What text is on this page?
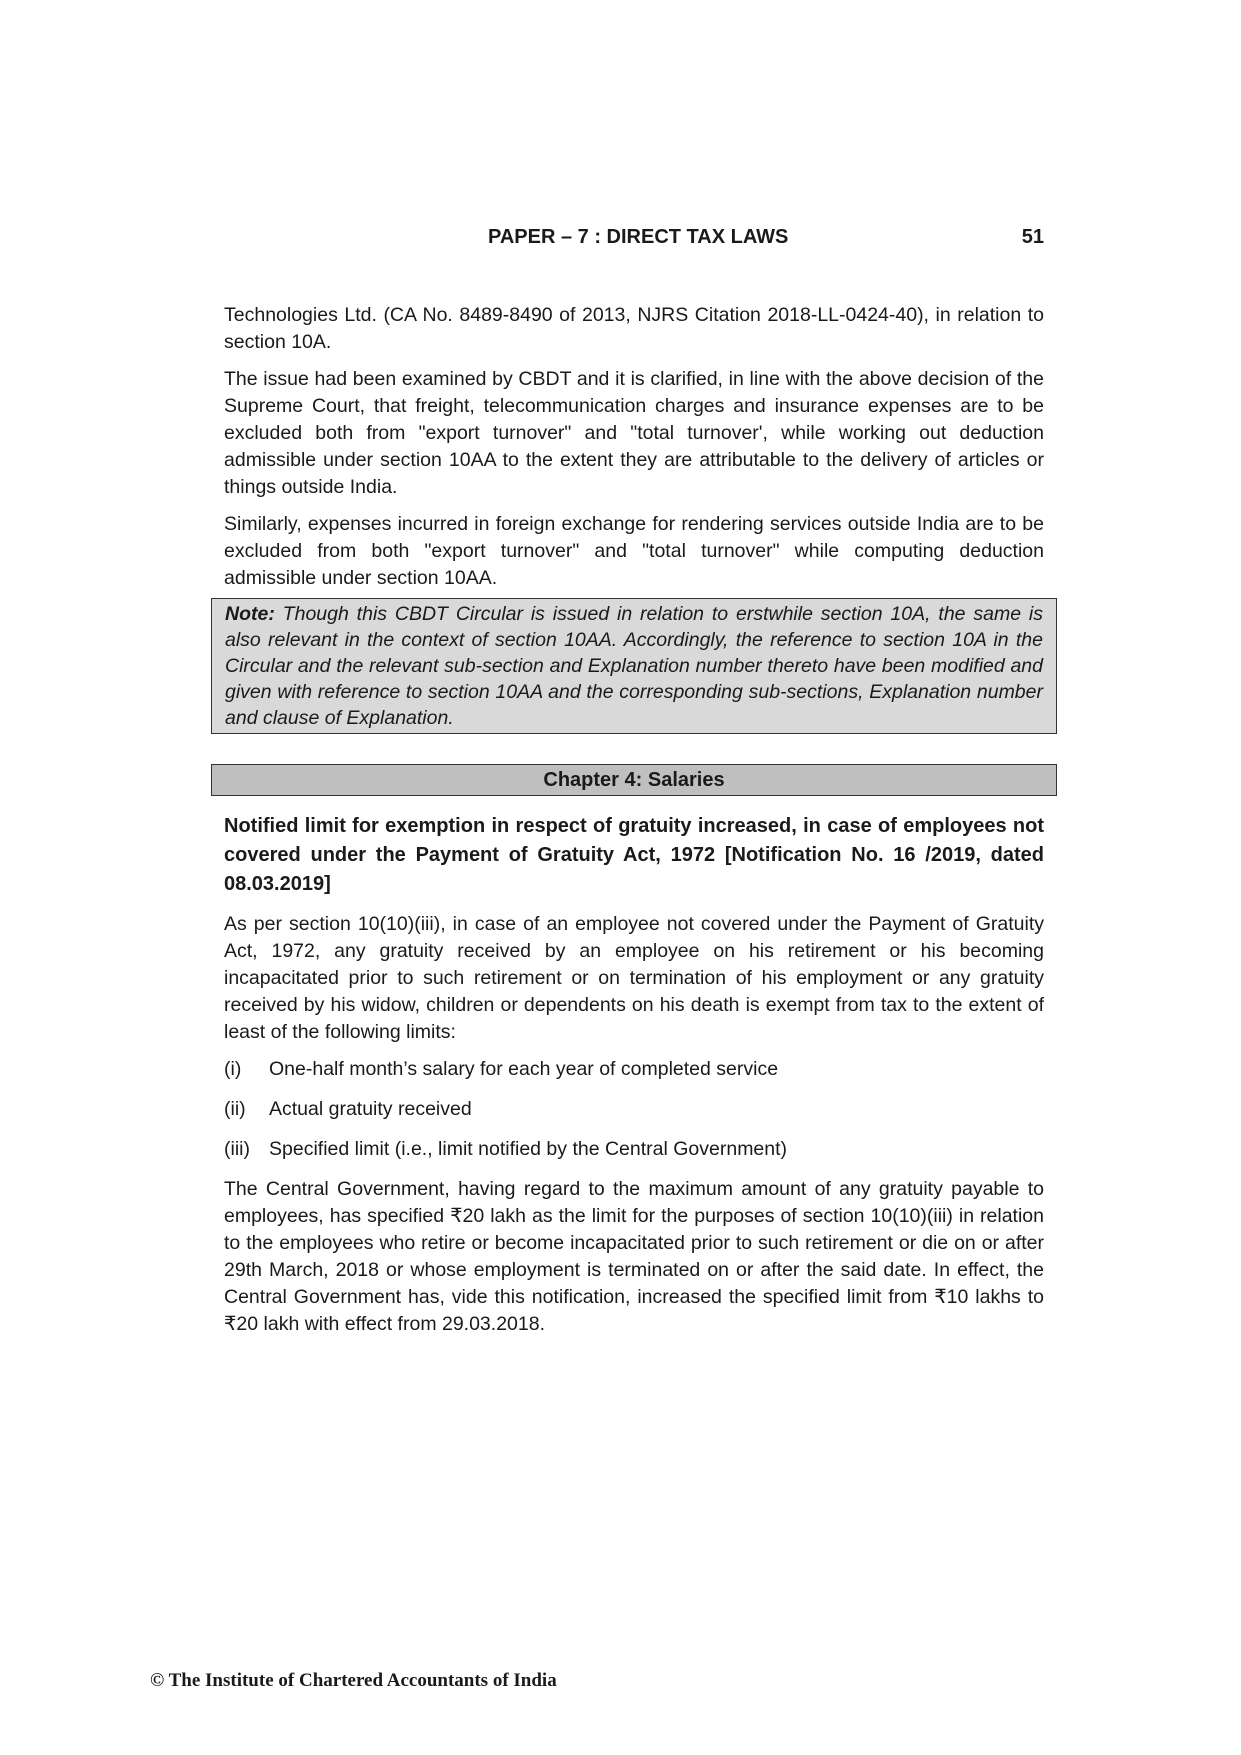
PAPER – 7 : DIRECT TAX LAWS	51

Technologies Ltd. (CA No. 8489-8490 of 2013, NJRS Citation 2018-LL-0424-40), in relation to section 10A.

The issue had been examined by CBDT and it is clarified, in line with the above decision of the Supreme Court, that freight, telecommunication charges and insurance expenses are to be excluded both from "export turnover" and "total turnover', while working out deduction admissible under section 10AA to the extent they are attributable to the delivery of articles or things outside India.

Similarly, expenses incurred in foreign exchange for rendering services outside India are to be excluded from both "export turnover" and "total turnover" while computing deduction admissible under section 10AA.

Note: Though this CBDT Circular is issued in relation to erstwhile section 10A, the same is also relevant in the context of section 10AA. Accordingly, the reference to section 10A in the Circular and the relevant sub-section and Explanation number thereto have been modified and given with reference to section 10AA and the corresponding sub-sections, Explanation number and clause of Explanation.
Chapter 4: Salaries
Notified limit for exemption in respect of gratuity increased, in case of employees not covered under the Payment of Gratuity Act, 1972 [Notification No. 16 /2019, dated 08.03.2019]

As per section 10(10)(iii), in case of an employee not covered under the Payment of Gratuity Act, 1972, any gratuity received by an employee on his retirement or his becoming incapacitated prior to such retirement or on termination of his employment or any gratuity received by his widow, children or dependents on his death is exempt from tax to the extent of least of the following limits:

(i) One-half month’s salary for each year of completed service
(ii) Actual gratuity received
(iii) Specified limit (i.e., limit notified by the Central Government)

The Central Government, having regard to the maximum amount of any gratuity payable to employees, has specified ₹20 lakh as the limit for the purposes of section 10(10)(iii) in relation to the employees who retire or become incapacitated prior to such retirement or die on or after 29th March, 2018 or whose employment is terminated on or after the said date. In effect, the Central Government has, vide this notification, increased the specified limit from ₹10 lakhs to ₹20 lakh with effect from 29.03.2018.

© The Institute of Chartered Accountants of India
